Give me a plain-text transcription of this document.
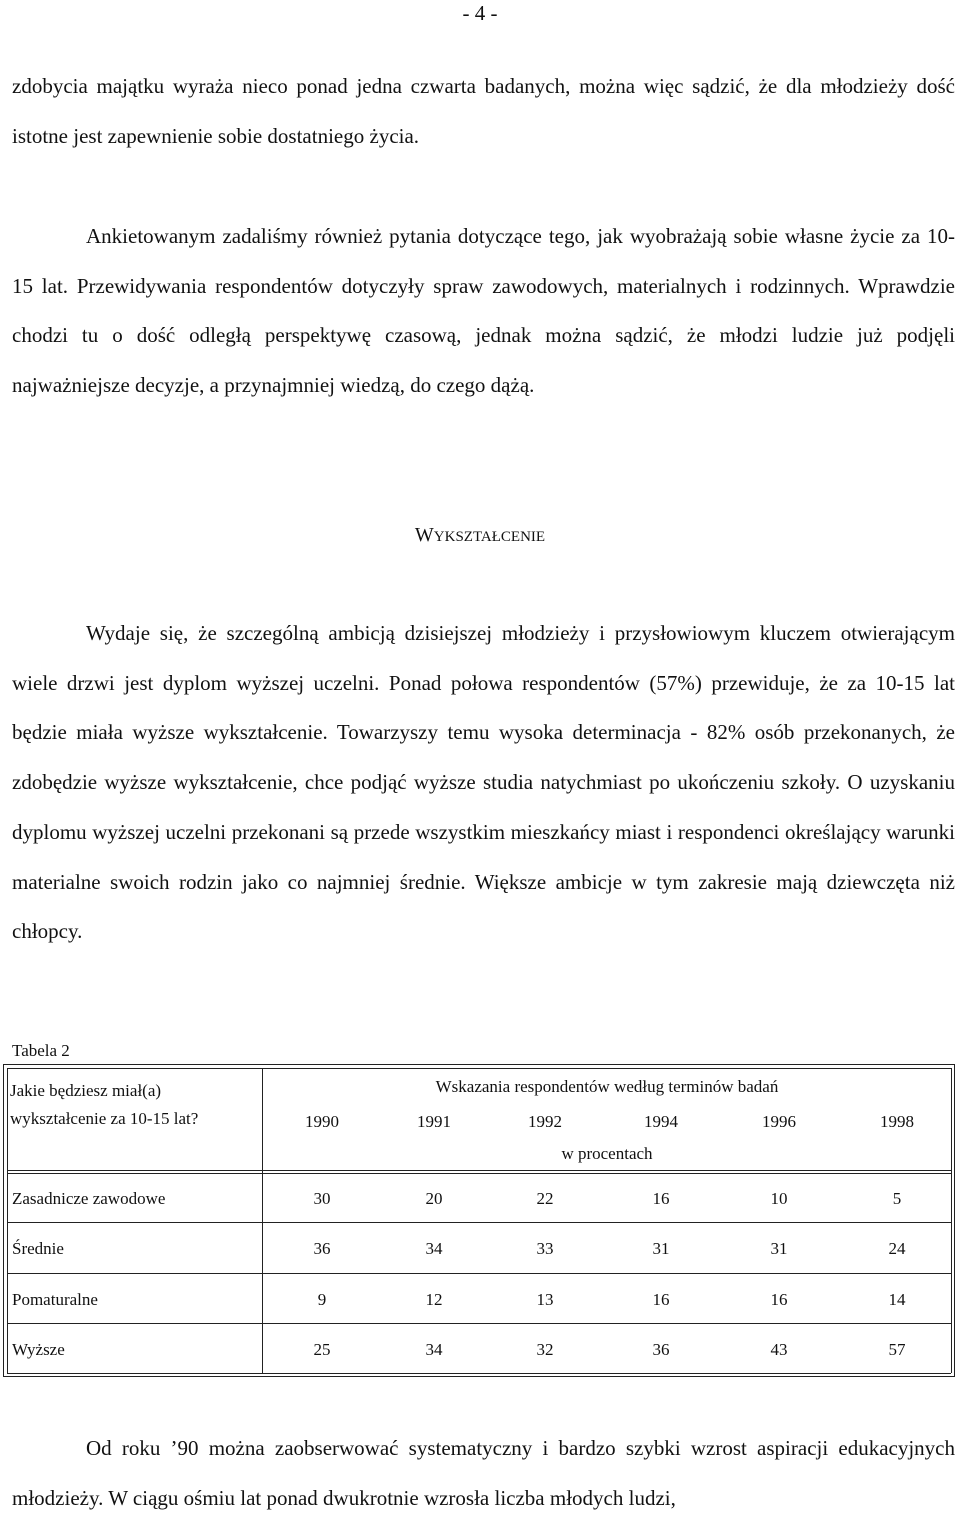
- 4 -

zdobycia majątku wyraża nieco ponad jedna czwarta badanych, można więc sądzić, że dla młodzieży dość istotne jest zapewnienie sobie dostatniego życia.

Ankietowanym zadaliśmy również pytania dotyczące tego, jak wyobrażają sobie własne życie za 10-15 lat. Przewidywania respondentów dotyczyły spraw zawodowych, materialnych i rodzinnych. Wprawdzie chodzi tu o dość odległą perspektywę czasową, jednak można sądzić, że młodzi ludzie już podjęli najważniejsze decyzje, a przynajmniej wiedzą, do czego dążą.

WYKSZTAŁCENIE

Wydaje się, że szczególną ambicją dzisiejszej młodzieży i przysłowiowym kluczem otwierającym wiele drzwi jest dyplom wyższej uczelni. Ponad połowa respondentów (57%) przewiduje, że za 10-15 lat będzie miała wyższe wykształcenie. Towarzyszy temu wysoka determinacja - 82% osób przekonanych, że zdobędzie wyższe wykształcenie, chce podjąć wyższe studia natychmiast po ukończeniu szkoły. O uzyskaniu dyplomu wyższej uczelni przekonani są przede wszystkim mieszkańcy miast i respondenci określający warunki materialne swoich rodzin jako co najmniej średnie. Większe ambicje w tym zakresie mają dziewczęta niż chłopcy.

Tabela 2
Jakie będziesz miał(a) wykształcenie za 10-15 lat?
Wskazania respondentów według terminów badań
1990	1991	1992	1994	1996	1998
w procentach
Zasadnicze zawodowe	30	20	22	16	10	5
Średnie	36	34	33	31	31	24
Pomaturalne	9	12	13	16	16	14
Wyższe	25	34	32	36	43	57

Od roku ’90 można zaobserwować systematyczny i bardzo szybki wzrost aspiracji edukacyjnych młodzieży. W ciągu ośmiu lat ponad dwukrotnie wzrosła liczba młodych ludzi,
